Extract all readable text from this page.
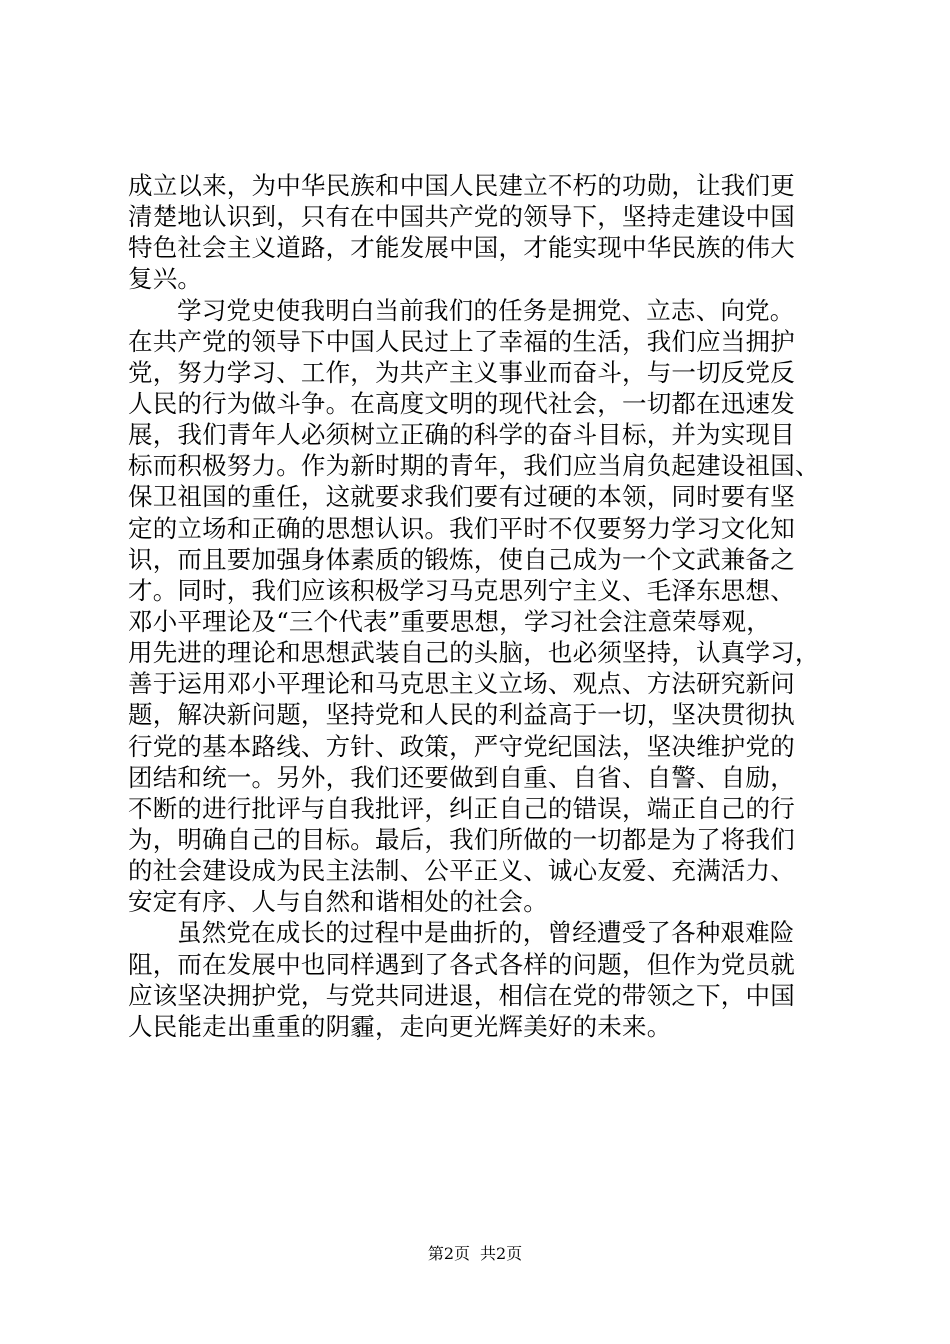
成立以来，为中华民族和中国人民建立不朽的功勋，让我们更
清楚地认识到，只有在中国共产党的领导下，坚持走建设中国
特色社会主义道路，才能发展中国，才能实现中华民族的伟大
复兴。
学习党史使我明白当前我们的任务是拥党、立志、向党。
在共产党的领导下中国人民过上了幸福的生活，我们应当拥护
党，努力学习、工作，为共产主义事业而奋斗，与一切反党反
人民的行为做斗争。在高度文明的现代社会，一切都在迅速发
展，我们青年人必须树立正确的科学的奋斗目标，并为实现目
标而积极努力。作为新时期的青年，我们应当肩负起建设祖国、
保卫祖国的重任，这就要求我们要有过硬的本领，同时要有坚
定的立场和正确的思想认识。我们平时不仅要努力学习文化知
识，而且要加强身体素质的锻炼，使自己成为一个文武兼备之
才。同时，我们应该积极学习马克思列宁主义、毛泽东思想、
邓小平理论及“三个代表”重要思想，学习社会注意荣辱观，
用先进的理论和思想武装自己的头脑，也必须坚持，认真学习，
善于运用邓小平理论和马克思主义立场、观点、方法研究新问
题，解决新问题，坚持党和人民的利益高于一切，坚决贯彻执
行党的基本路线、方针、政策，严守党纪国法，坚决维护党的
团结和统一。另外，我们还要做到自重、自省、自警、自励，
不断的进行批评与自我批评，纠正自己的错误，端正自己的行
为，明确自己的目标。最后，我们所做的一切都是为了将我们
的社会建设成为民主法制、公平正义、诚心友爱、充满活力、
安定有序、人与自然和谐相处的社会。
虽然党在成长的过程中是曲折的，曾经遭受了各种艰难险
阻，而在发展中也同样遇到了各式各样的问题，但作为党员就
应该坚决拥护党，与党共同进退，相信在党的带领之下，中国
人民能走出重重的阴霾，走向更光辉美好的未来。
第2页 共2页
